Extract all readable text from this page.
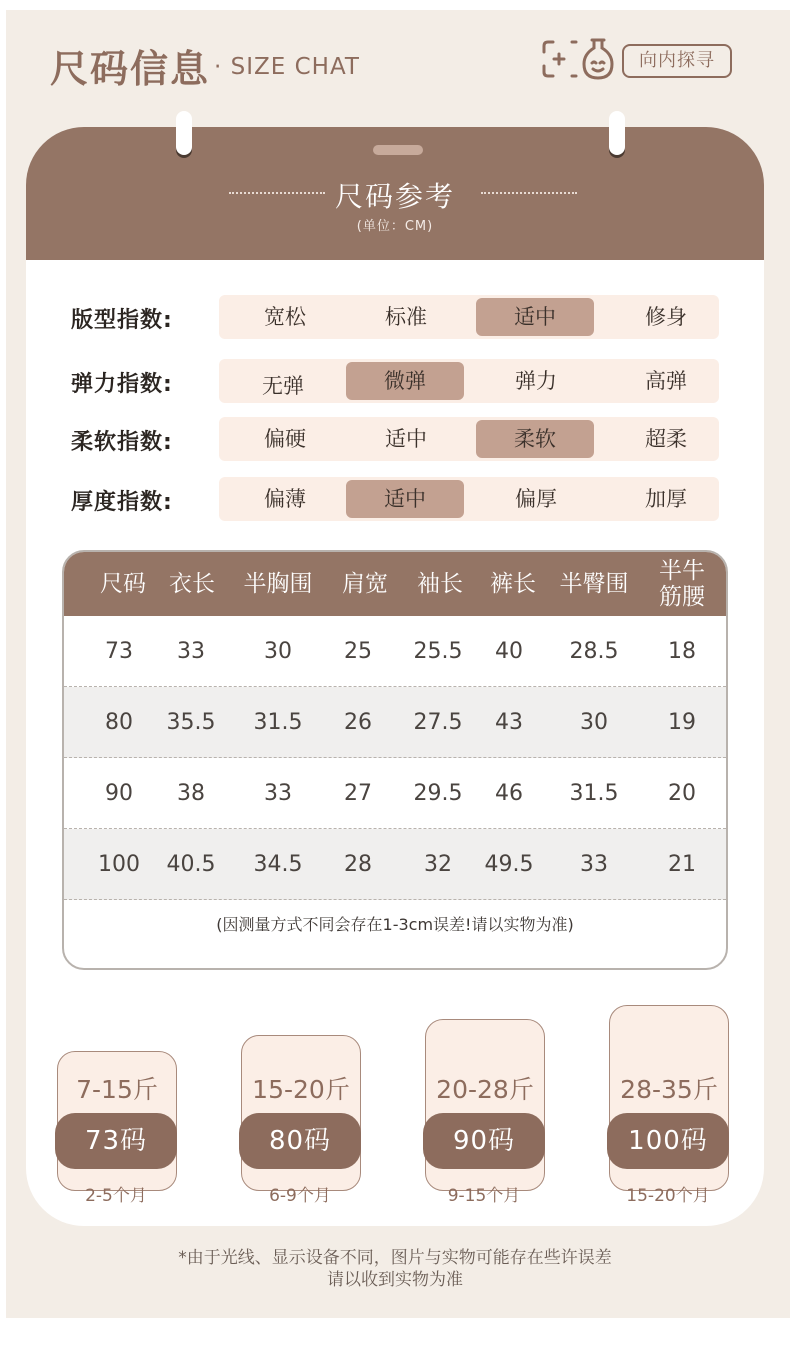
尺码信息 · SIZE CHAT	向内探寻
尺码参考
(单位：CM)
版型指数:	宽松	标准	适中	修身
弹力指数:	无弹	微弹	弹力	高弹
柔软指数:	偏硬	适中	柔软	超柔
厚度指数:	偏薄	适中	偏厚	加厚
7-15斤
73码
2-5个月
15-20斤
80码
6-9个月
20-28斤
90码
9-15个月
28-35斤
100码
15-20个月
尺码	衣长	半胸围	肩宽	袖长	裤长	半臀围	半牛筋腰
73	33	30	25	25.5	40	28.5	18
80	35.5	31.5	26	27.5	43	30	19
90	38	33	27	29.5	46	31.5	20
100	40.5	34.5	28	32	49.5	33	21
(因测量方式不同会存在1-3cm误差!请以实物为准)
*由于光线、显示设备不同，图片与实物可能存在些许误差
请以收到实物为准
